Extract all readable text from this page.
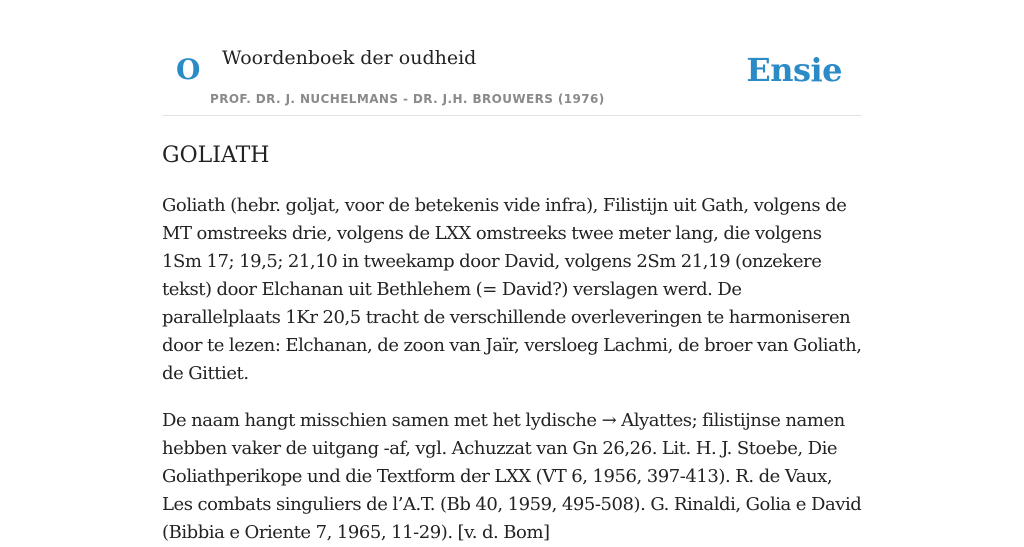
O Woordenboek der oudheid	Ensie
PROF. DR. J. NUCHELMANS - DR. J.H. BROUWERS (1976)
GOLIATH

Goliath (hebr. goljat, voor de betekenis vide infra), Filistijn uit Gath, volgens de MT omstreeks drie, volgens de LXX omstreeks twee meter lang, die volgens 1Sm 17; 19,5; 21,10 in tweekamp door David, volgens 2Sm 21,19 (onzekere tekst) door Elchanan uit Bethlehem (= David?) verslagen werd. De parallelplaats 1Kr 20,5 tracht de verschillende overleveringen te harmoniseren door te lezen: Elchanan, de zoon van Jaïr, versloeg Lachmi, de broer van Goliath, de Gittiet.

De naam hangt misschien samen met het lydische → Alyattes; filistijnse namen hebben vaker de uitgang -af, vgl. Achuzzat van Gn 26,26. Lit. H. J. Stoebe, Die Goliathperikope und die Textform der LXX (VT 6, 1956, 397-413). R. de Vaux, Les combats singuliers de l’A.T. (Bb 40, 1959, 495-508). G. Rinaldi, Golia e David (Bibbia e Oriente 7, 1965, 11-29). [v. d. Bom]
